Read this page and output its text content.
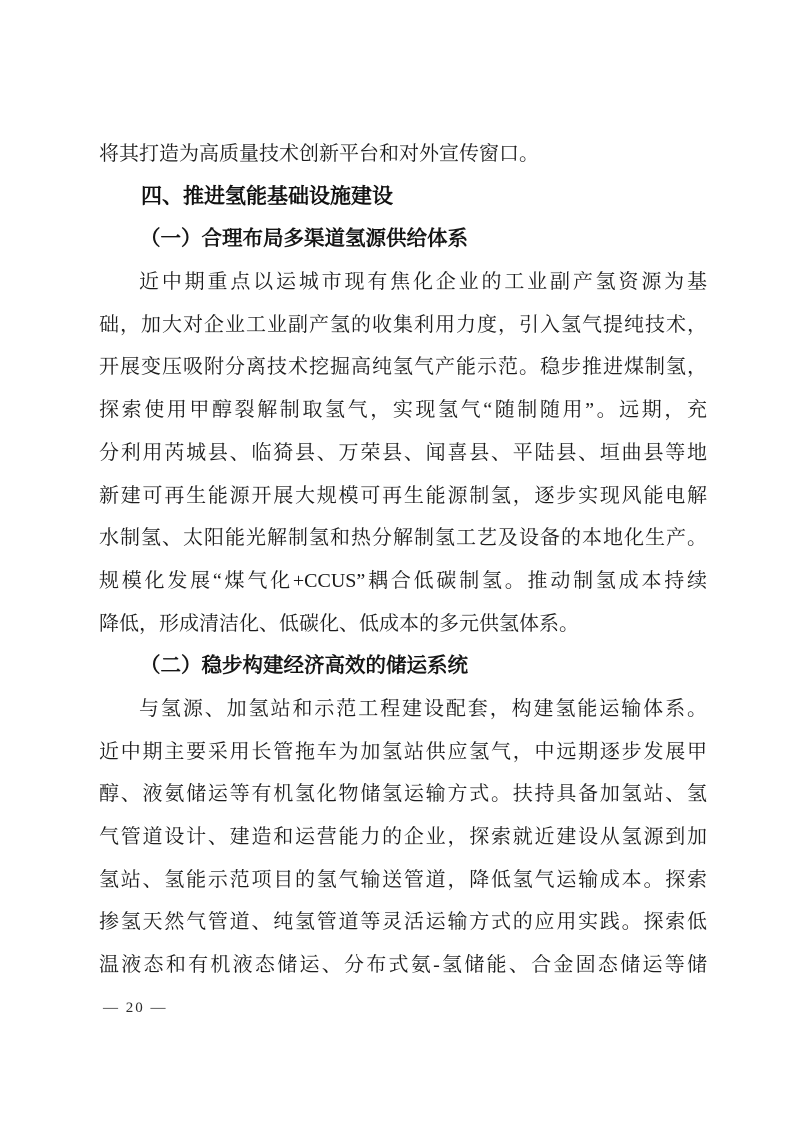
将其打造为高质量技术创新平台和对外宣传窗口。
四、推进氢能基础设施建设
（一）合理布局多渠道氢源供给体系
近中期重点以运城市现有焦化企业的工业副产氢资源为基
础，加大对企业工业副产氢的收集利用力度，引入氢气提纯技术，
开展变压吸附分离技术挖掘高纯氢气产能示范。稳步推进煤制氢，
探索使用甲醇裂解制取氢气，实现氢气“随制随用”。远期，充
分利用芮城县、临猗县、万荣县、闻喜县、平陆县、垣曲县等地
新建可再生能源开展大规模可再生能源制氢，逐步实现风能电解
水制氢、太阳能光解制氢和热分解制氢工艺及设备的本地化生产。
规模化发展“煤气化+CCUS”耦合低碳制氢。推动制氢成本持续
降低，形成清洁化、低碳化、低成本的多元供氢体系。
（二）稳步构建经济高效的储运系统
与氢源、加氢站和示范工程建设配套，构建氢能运输体系。
近中期主要采用长管拖车为加氢站供应氢气，中远期逐步发展甲
醇、液氨储运等有机氢化物储氢运输方式。扶持具备加氢站、氢
气管道设计、建造和运营能力的企业，探索就近建设从氢源到加
氢站、氢能示范项目的氢气输送管道，降低氢气运输成本。探索
掺氢天然气管道、纯氢管道等灵活运输方式的应用实践。探索低
温液态和有机液态储运、分布式氨-氢储能、合金固态储运等储
— 20 —
